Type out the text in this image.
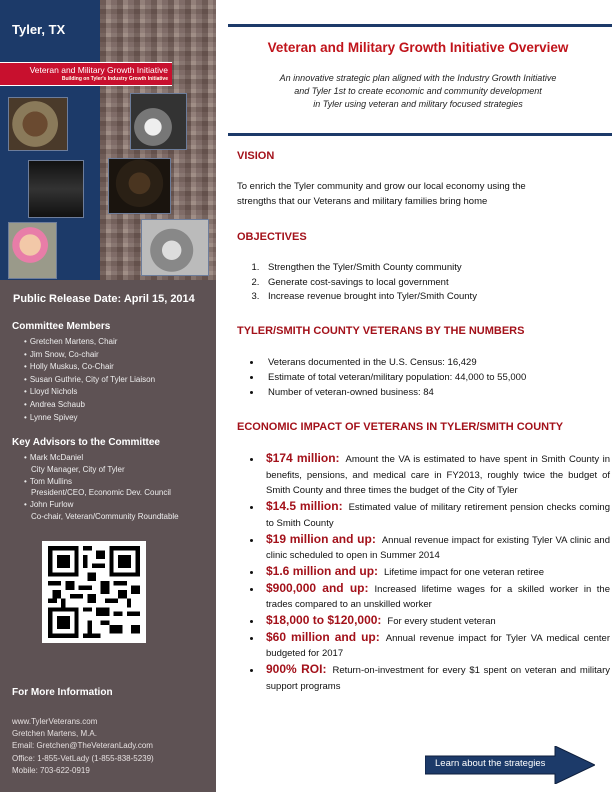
Tyler, TX
Veteran and Military Growth Initiative
Building on Tyler's Industry Growth Initiative
Public Release Date: April 15, 2014
Committee Members
• Gretchen Martens, Chair
• Jim Snow, Co-chair
• Holly Muskus, Co-Chair
• Susan Guthrie, City of Tyler Liaison
• Lloyd Nichols
• Andrea Schaub
• Lynne Spivey
Key Advisors to the Committee
• Mark McDaniel
City Manager, City of Tyler
• Tom Mullins
President/CEO, Economic Dev. Council
• John Furlow
Co-chair, Veteran/Community Roundtable
For More Information
www.TylerVeterans.com
Gretchen Martens, M.A.
Email: Gretchen@TheVeteranLady.com
Office: 1-855-VetLady (1-855-838-5239)
Mobile: 703-622-0919
Veteran and Military Growth Initiative Overview
An innovative strategic plan aligned with the Industry Growth Initiative
and Tyler 1st to create economic and community development
in Tyler using veteran and military focused strategies
VISION
To enrich the Tyler community and grow our local economy using the strengths that our Veterans and military families bring home
OBJECTIVES
1. Strengthen the Tyler/Smith County community
2. Generate cost-savings to local government
3. Increase revenue brought into Tyler/Smith County
TYLER/SMITH COUNTY VETERANS BY THE NUMBERS
• Veterans documented in the U.S. Census: 16,429
• Estimate of total veteran/military population: 44,000 to 55,000
• Number of veteran-owned business: 84
ECONOMIC IMPACT OF VETERANS IN TYLER/SMITH COUNTY
• $174 million: Amount the VA is estimated to have spent in Smith County in benefits, pensions, and medical care in FY2013, roughly twice the budget of Smith County and three times the budget of the City of Tyler
• $14.5 million: Estimated value of military retirement pension checks coming to Smith County
• $19 million and up: Annual revenue impact for existing Tyler VA clinic and clinic scheduled to open in Summer 2014
• $1.6 million and up: Lifetime impact for one veteran retiree
• $900,000 and up: Increased lifetime wages for a skilled worker in the trades compared to an unskilled worker
• $18,000 to $120,000: For every student veteran
• $60 million and up: Annual revenue impact for Tyler VA medical center budgeted for 2017
• 900% ROI: Return-on-investment for every $1 spent on veteran and military support programs
Learn about the strategies
